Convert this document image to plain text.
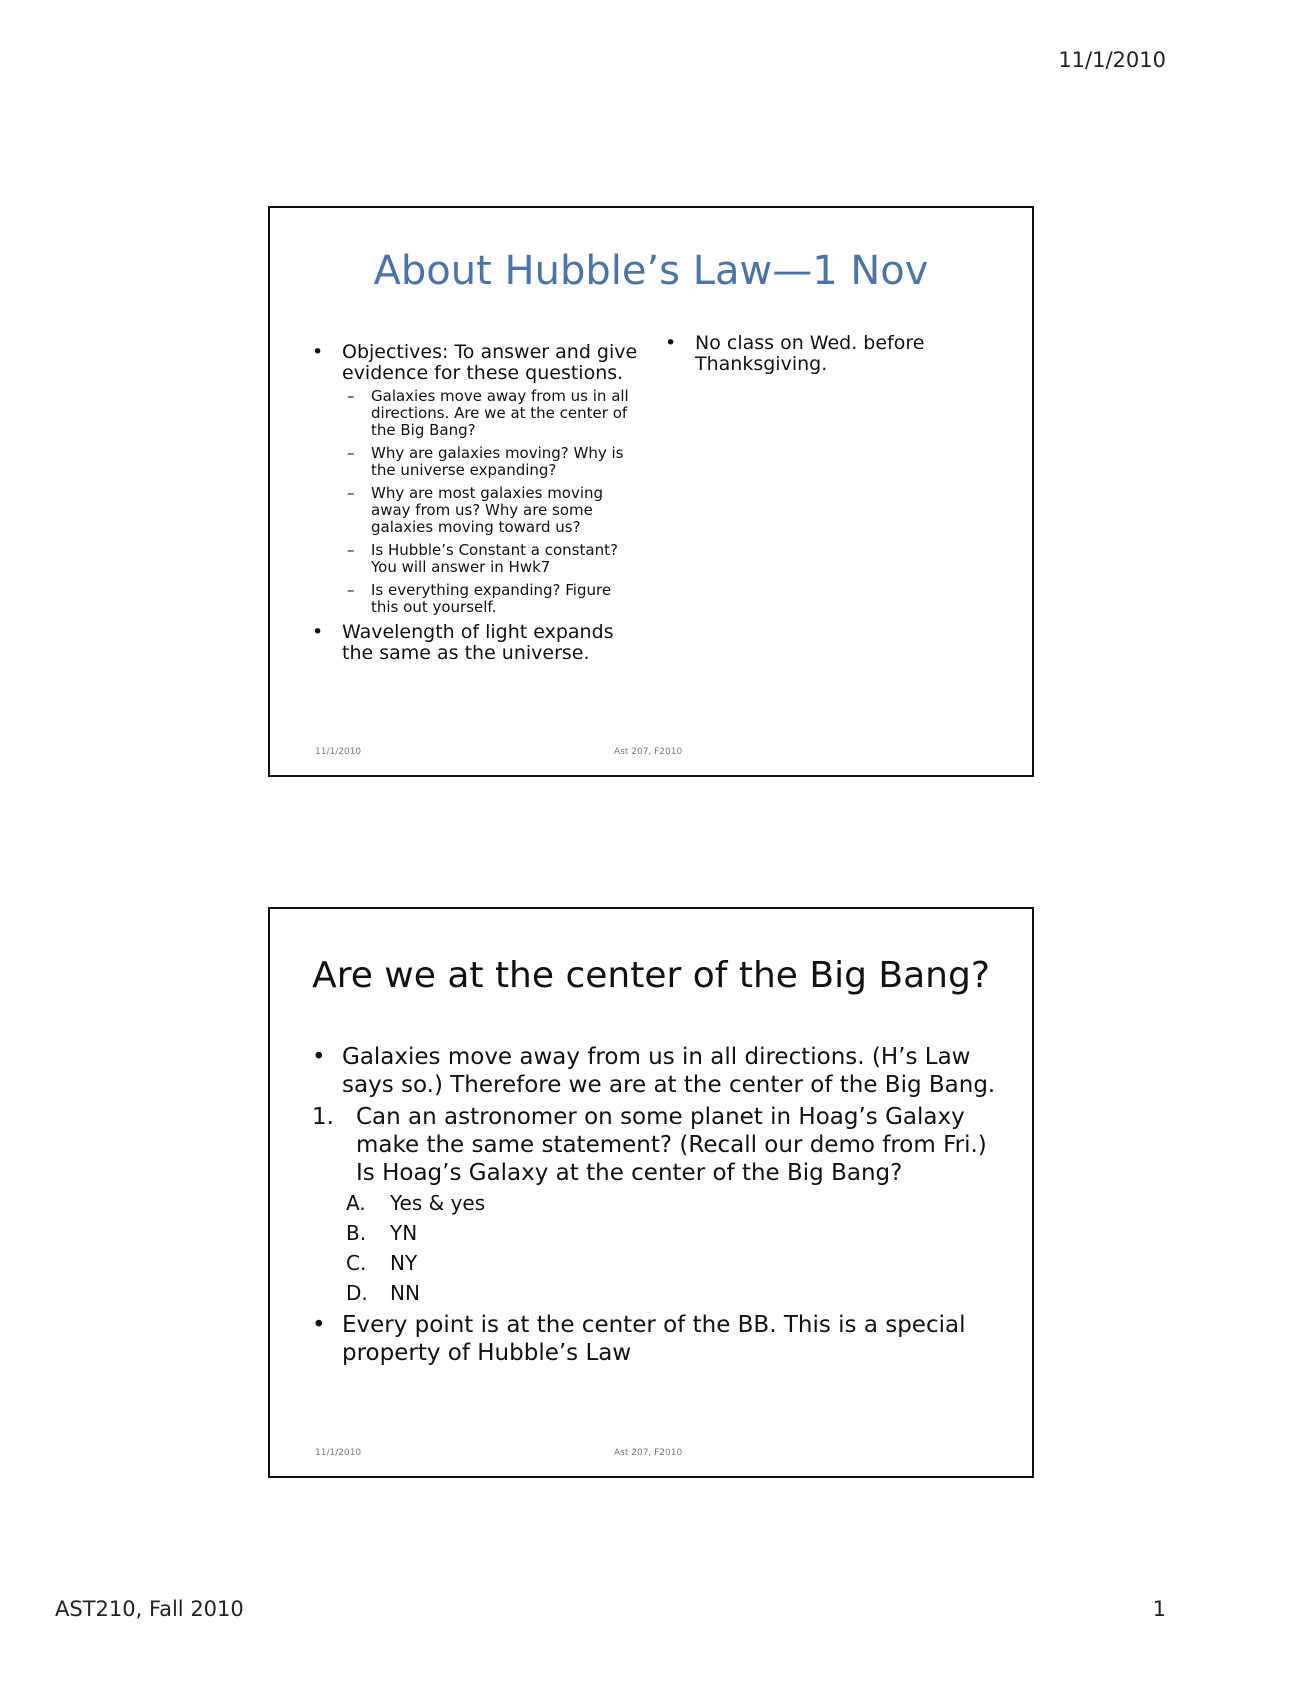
11/1/2010
About Hubble’s Law—1 Nov
• Objectives: To answer and give evidence for these questions.
– Galaxies move away from us in all directions. Are we at the center of the Big Bang?
– Why are galaxies moving? Why is the universe expanding?
– Why are most galaxies moving away from us? Why are some galaxies moving toward us?
– Is Hubble’s Constant a constant? You will answer in Hwk7
– Is everything expanding? Figure this out yourself.
• Wavelength of light expands the same as the universe.
• No class on Wed. before Thanksgiving.
11/1/2010	Ast 207, F2010
Are we at the center of the Big Bang?
• Galaxies move away from us in all directions. (H’s Law says so.) Therefore we are at the center of the Big Bang.
1. Can an astronomer on some planet in Hoag’s Galaxy make the same statement? (Recall our demo from Fri.) Is Hoag’s Galaxy at the center of the Big Bang?
A. Yes & yes
B. YN
C. NY
D. NN
• Every point is at the center of the BB. This is a special property of Hubble’s Law
11/1/2010	Ast 207, F2010
AST210, Fall 2010	1
